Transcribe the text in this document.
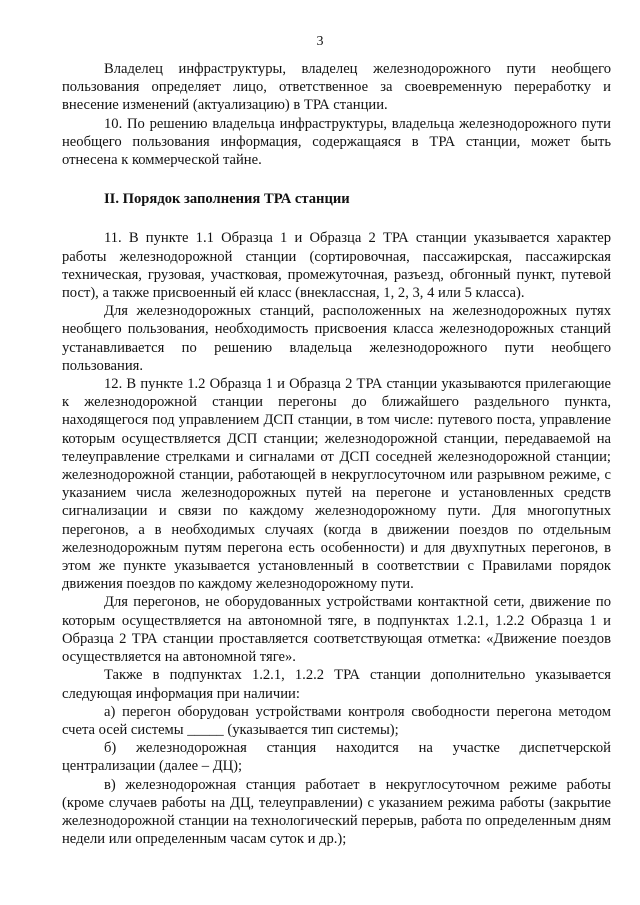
3

Владелец инфраструктуры, владелец железнодорожного пути необщего пользования определяет лицо, ответственное за своевременную переработку и внесение изменений (актуализацию) в ТРА станции.

10. По решению владельца инфраструктуры, владельца железнодорожного пути необщего пользования информация, содержащаяся в ТРА станции, может быть отнесена к коммерческой тайне.

II. Порядок заполнения ТРА станции

11. В пункте 1.1 Образца 1 и Образца 2 ТРА станции указывается характер работы железнодорожной станции (сортировочная, пассажирская, пассажирская техническая, грузовая, участковая, промежуточная, разъезд, обгонный пункт, путевой пост), а также присвоенный ей класс (внеклассная, 1, 2, 3, 4 или 5 класса).

Для железнодорожных станций, расположенных на железнодорожных путях необщего пользования, необходимость присвоения класса железнодорожных станций устанавливается по решению владельца железнодорожного пути необщего пользования.

12. В пункте 1.2 Образца 1 и Образца 2 ТРА станции указываются прилегающие к железнодорожной станции перегоны до ближайшего раздельного пункта, находящегося под управлением ДСП станции, в том числе: путевого поста, управление которым осуществляется ДСП станции; железнодорожной станции, передаваемой на телеуправление стрелками и сигналами от ДСП соседней железнодорожной станции; железнодорожной станции, работающей в некруглосуточном или разрывном режиме, с указанием числа железнодорожных путей на перегоне и установленных средств сигнализации и связи по каждому железнодорожному пути. Для многопутных перегонов, а в необходимых случаях (когда в движении поездов по отдельным железнодорожным путям перегона есть особенности) и для двухпутных перегонов, в этом же пункте указывается установленный в соответствии с Правилами порядок движения поездов по каждому железнодорожному пути.

Для перегонов, не оборудованных устройствами контактной сети, движение по которым осуществляется на автономной тяге, в подпунктах 1.2.1, 1.2.2 Образца 1 и Образца 2 ТРА станции проставляется соответствующая отметка: «Движение поездов осуществляется на автономной тяге».

Также в подпунктах 1.2.1, 1.2.2 ТРА станции дополнительно указывается следующая информация при наличии:

а) перегон оборудован устройствами контроля свободности перегона методом счета осей системы _____ (указывается тип системы);

б) железнодорожная станция находится на участке диспетчерской централизации (далее – ДЦ);

в) железнодорожная станция работает в некруглосуточном режиме работы (кроме случаев работы на ДЦ, телеуправлении) с указанием режима работы (закрытие железнодорожной станции на технологический перерыв, работа по определенным дням недели или определенным часам суток и др.);
